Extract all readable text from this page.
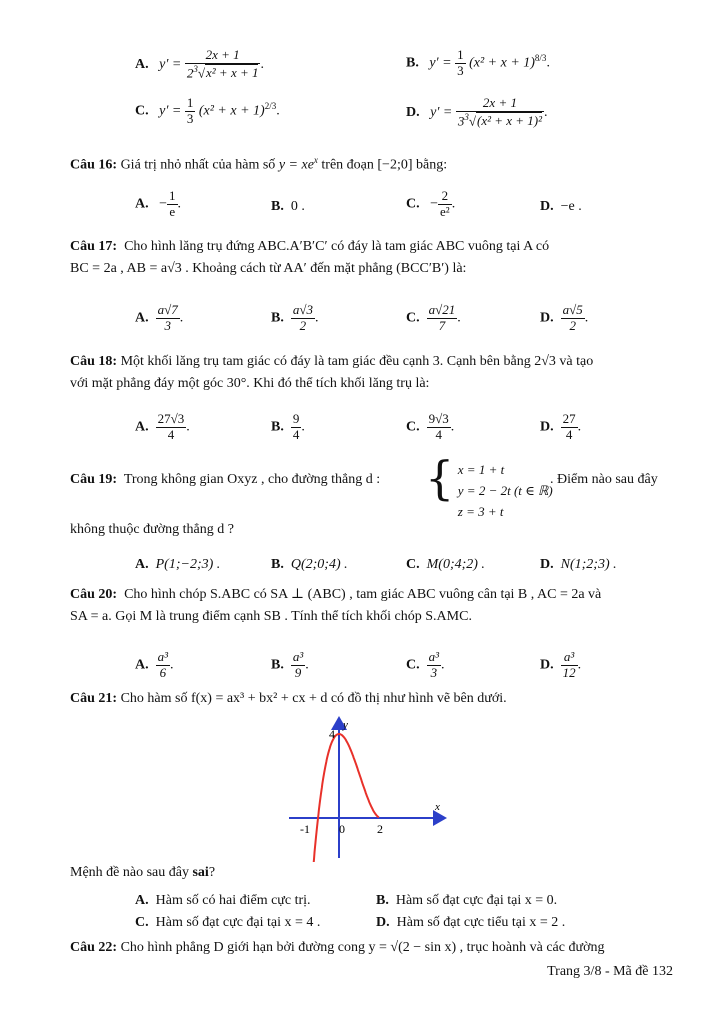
A. $y' = \frac{2x + 1}{2^3√x^2 + x + 1}$ .	B. $y' = \frac{1}{3} (x^2 + x + 1)^{8/3}$.
C. $y' = \frac{1}{3} (x^2 + x + 1)^{2/3}$.	D. $y' = \frac{2x + 1}{3^3√(x^2 + x + 1)^2}$ .
Câu 16: Giá trị nhỏ nhất của hàm số $y = xe^x$ trên đoạn [−2;0] bằng:
A. − $\frac{1}{e}$ .	B. 0 .	C. − $\frac{2}{\text{e²}}$ .	D. −e .
Câu 17: Cho hình lăng trụ đứng ABC.A′B′C′ có đáy là tam giác ABC vuông tại A có
BC = 2a , AB = a√3 . Khoảng cách từ AA′ đến mặt phẳng (BCC′B′) là:
A. $\frac{a√7}{3}$ .	B. $\frac{a√3}{2}$ .	C. $\frac{a√21}{7}$ .	D. $\frac{a√5}{2}$ .
Câu 18: Một khối lăng trụ tam giác có đáy là tam giác đều cạnh 3. Cạnh bên bằng 2√3 và tạo
với mặt phẳng đáy một góc 30°. Khi đó thể tích khối lăng trụ là:
A. $\frac{27√3}{4}$ .	B. $\frac{9}{4}$ .	C. $\frac{9√3}{4}$ .	D. $\frac{27}{4}$ .
Câu 19: Trong không gian Oxyz , cho đường thẳng d : { x = 1 + t
y = 2 − 2t (t ∈ ℝ)
z = 3 + t
. Điểm nào sau đây
không thuộc đường thẳng d ?
A. P(1;−2;3) .	B. Q(2;0;4) .	C. M(0;4;2) .	D. N(1;2;3) .
Câu 20: Cho hình chóp S.ABC có SA ⊥ (ABC) , tam giác ABC vuông cân tại B , AC = 2a và
SA = a. Gọi M là trung điểm cạnh SB . Tính thể tích khối chóp S.AMC.
A. $\frac{\text{a³}}{6}$ .	B. $\frac{\text{a³}}{9}$ .	C. $\frac{\text{a³}}{3}$ .	D. $\frac{\text{a³}}{12}$ .
Câu 21: Cho hàm số f(x) = ax³ + bx² + cx + d có đồ thị như hình vẽ bên dưới.
y
x
4
-1 0	2
Mệnh đề nào sau đây sai?
A. Hàm số có hai điểm cực trị.	B. Hàm số đạt cực đại tại x = 0.
C. Hàm số đạt cực đại tại x = 4 .	D. Hàm số đạt cực tiểu tại x = 2 .
Câu 22: Cho hình phẳng D giới hạn bởi đường cong y = √(2 − sin x) , trục hoành và các đường
Trang 3/8 - Mã đề 132
